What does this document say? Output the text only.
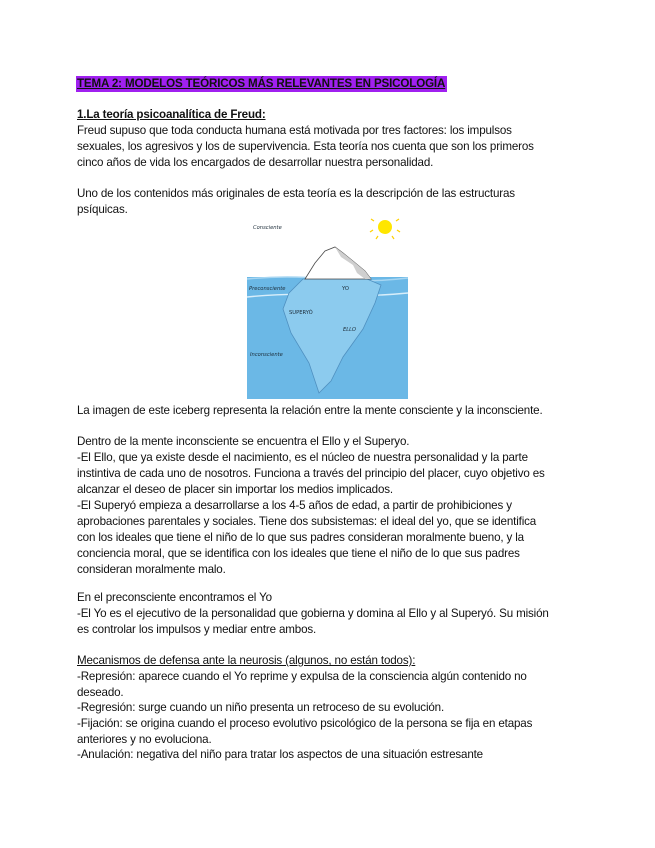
TEMA 2: MODELOS TEÓRICOS MÁS RELEVANTES EN PSICOLOGÍA
1.La teoría psicoanalítica de Freud:
Freud supuso que toda conducta humana está motivada por tres factores: los impulsos
sexuales, los agresivos y los de supervivencia. Esta teoría nos cuenta que son los primeros
cinco años de vida los encargados de desarrollar nuestra personalidad.
Uno de los contenidos más originales de esta teoría es la descripción de las estructuras
psíquicas.
Consciente
Preconsciente	YO
SUPERYÓ
ELLO
Inconsciente
La imagen de este iceberg representa la relación entre la mente consciente y la inconsciente.
Dentro de la mente inconsciente se encuentra el Ello y el Superyo.
-El Ello, que ya existe desde el nacimiento, es el núcleo de nuestra personalidad y la parte
instintiva de cada uno de nosotros. Funciona a través del principio del placer, cuyo objetivo es
alcanzar el deseo de placer sin importar los medios implicados.
-El Superyó empieza a desarrollarse a los 4-5 años de edad, a partir de prohibiciones y
aprobaciones parentales y sociales. Tiene dos subsistemas: el ideal del yo, que se identifica
con los ideales que tiene el niño de lo que sus padres consideran moralmente bueno, y la
conciencia moral, que se identifica con los ideales que tiene el niño de lo que sus padres
consideran moralmente malo.
En el preconsciente encontramos el Yo
-El Yo es el ejecutivo de la personalidad que gobierna y domina al Ello y al Superyó. Su misión
es controlar los impulsos y mediar entre ambos.
Mecanismos de defensa ante la neurosis (algunos, no están todos):
-Represión: aparece cuando el Yo reprime y expulsa de la consciencia algún contenido no
deseado.
-Regresión: surge cuando un niño presenta un retroceso de su evolución.
-Fijación: se origina cuando el proceso evolutivo psicológico de la persona se fija en etapas
anteriores y no evoluciona.
-Anulación: negativa del niño para tratar los aspectos de una situación estresante
